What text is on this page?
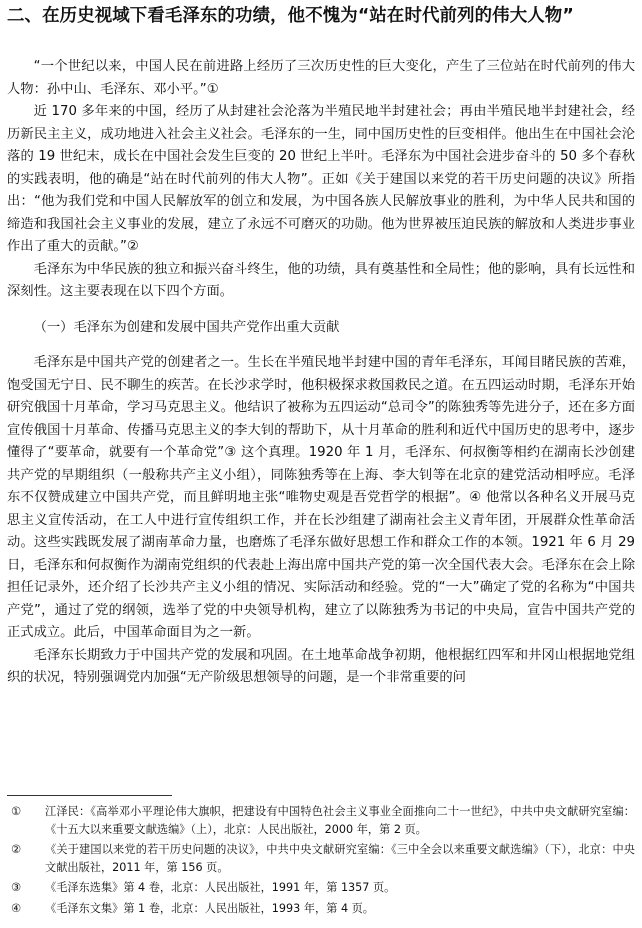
二、在历史视域下看毛泽东的功绩，他不愧为“站在时代前列的伟大人物”

“一个世纪以来，中国人民在前进路上经历了三次历史性的巨大变化，产生了三位站在时代前列的伟大人物：孙中山、毛泽东、邓小平。”①

近 170 多年来的中国，经历了从封建社会沦落为半殖民地半封建社会；再由半殖民地半封建社会，经历新民主主义，成功地进入社会主义社会。毛泽东的一生，同中国历史性的巨变相伴。他出生在中国社会沦落的 19 世纪末，成长在中国社会发生巨变的 20 世纪上半叶。毛泽东为中国社会进步奋斗的 50 多个春秋的实践表明，他的确是“站在时代前列的伟大人物”。正如《关于建国以来党的若干历史问题的决议》所指出：“他为我们党和中国人民解放军的创立和发展，为中国各族人民解放事业的胜利，为中华人民共和国的缔造和我国社会主义事业的发展，建立了永远不可磨灭的功勋。他为世界被压迫民族的解放和人类进步事业作出了重大的贡献。”②

毛泽东为中华民族的独立和振兴奋斗终生，他的功绩，具有奠基性和全局性；他的影响，具有长远性和深刻性。这主要表现在以下四个方面。

（一）毛泽东为创建和发展中国共产党作出重大贡献

毛泽东是中国共产党的创建者之一。生长在半殖民地半封建中国的青年毛泽东，耳闻目睹民族的苦难，饱受国无宁日、民不聊生的疾苦。在长沙求学时，他积极探求救国救民之道。在五四运动时期，毛泽东开始研究俄国十月革命，学习马克思主义。他结识了被称为五四运动“总司令”的陈独秀等先进分子，还在多方面宣传俄国十月革命、传播马克思主义的李大钊的帮助下，从十月革命的胜利和近代中国历史的思考中，逐步懂得了“要革命，就要有一个革命党”③ 这个真理。1920 年 1 月，毛泽东、何叔衡等相约在湖南长沙创建共产党的早期组织（一般称共产主义小组），同陈独秀等在上海、李大钊等在北京的建党活动相呼应。毛泽东不仅赞成建立中国共产党，而且鲜明地主张“唯物史观是吾党哲学的根据”。④ 他常以各种名义开展马克思主义宣传活动，在工人中进行宣传组织工作，并在长沙组建了湖南社会主义青年团，开展群众性革命活动。这些实践既发展了湖南革命力量，也磨炼了毛泽东做好思想工作和群众工作的本领。1921 年 6 月 29 日，毛泽东和何叔衡作为湖南党组织的代表赴上海出席中国共产党的第一次全国代表大会。毛泽东在会上除担任记录外，还介绍了长沙共产主义小组的情况、实际活动和经验。党的“一大”确定了党的名称为“中国共产党”，通过了党的纲领，选举了党的中央领导机构，建立了以陈独秀为书记的中央局，宣告中国共产党的正式成立。此后，中国革命面目为之一新。

毛泽东长期致力于中国共产党的发展和巩固。在土地革命战争初期，他根据红四军和井冈山根据地党组织的状况，特别强调党内加强“无产阶级思想领导的问题，是一个非常重要的问

①	江泽民：《高举邓小平理论伟大旗帜，把建设有中国特色社会主义事业全面推向二十一世纪》，中共中央文献研究室编：《十五大以来重要文献选编》（上），北京：人民出版社，2000 年，第 2 页。
②	《关于建国以来党的若干历史问题的决议》，中共中央文献研究室编：《三中全会以来重要文献选编》（下），北京：中央文献出版社，2011 年，第 156 页。
③	《毛泽东选集》第 4 卷，北京：人民出版社，1991 年，第 1357 页。
④	《毛泽东文集》第 1 卷，北京：人民出版社，1993 年，第 4 页。
